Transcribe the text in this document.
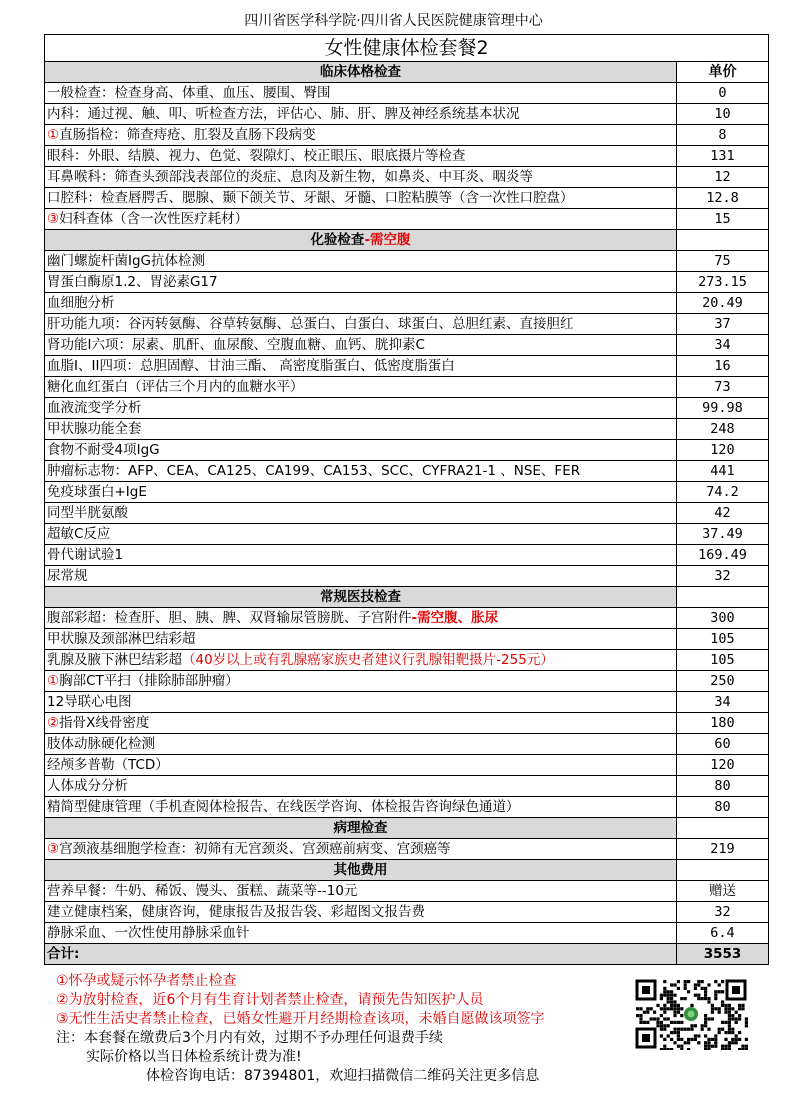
四川省医学科学院·四川省人民医院健康管理中心
女性健康体检套餐2	
临床体格检查	单价
一般检查：检查身高、体重、血压、腰围、臀围	0
内科：通过视、触、叩、听检查方法，评估心、肺、肝、脾及神经系统基本状况	10
①直肠指检：筛查痔疮、肛裂及直肠下段病变	8
眼科：外眼、结膜、视力、色觉、裂隙灯、校正眼压、眼底摄片等检查	131
耳鼻喉科：筛查头颈部浅表部位的炎症、息肉及新生物，如鼻炎、中耳炎、咽炎等	12
口腔科：检查唇腭舌、腮腺、颞下颌关节、牙龈、牙髓、口腔粘膜等（含一次性口腔盘）	12.8
③妇科查体（含一次性医疗耗材）	15
化验检查-需空腹	
幽门螺旋杆菌IgG抗体检测	75
胃蛋白酶原1.2、胃泌素G17	273.15
血细胞分析	20.49
肝功能九项：谷丙转氨酶、谷草转氨酶、总蛋白、白蛋白、球蛋白、总胆红素、直接胆红	37
肾功能I六项：尿素、肌酐、血尿酸、空腹血糖、血钙、胱抑素C	34
血脂I、II四项：总胆固醇、甘油三酯、 高密度脂蛋白、低密度脂蛋白	16
糖化血红蛋白（评估三个月内的血糖水平）	73
血液流变学分析	99.98
甲状腺功能全套	248
食物不耐受4项IgG	120
肿瘤标志物：AFP、CEA、CA125、CA199、CA153、SCC、CYFRA21-1 、NSE、FER	441
免疫球蛋白+IgE	74.2
同型半胱氨酸	42
超敏C反应	37.49
骨代谢试验1	169.49
尿常规	32
常规医技检查	
腹部彩超：检查肝、胆、胰、脾、双肾输尿管膀胱、子宫附件-需空腹、胀尿	300
甲状腺及颈部淋巴结彩超	105
乳腺及腋下淋巴结彩超（40岁以上或有乳腺癌家族史者建议行乳腺钼靶摄片-255元）	105
①胸部CT平扫（排除肺部肿瘤）	250
12导联心电图	34
②指骨X线骨密度	180
肢体动脉硬化检测	60
经颅多普勒（TCD）	120
人体成分分析	80
精简型健康管理（手机查阅体检报告、在线医学咨询、体检报告咨询绿色通道）	80
病理检查	
③宫颈液基细胞学检查：初筛有无宫颈炎、宫颈癌前病变、宫颈癌等	219
其他费用	
营养早餐：牛奶、稀饭、馒头、蛋糕、蔬菜等--10元	赠送
建立健康档案，健康咨询，健康报告及报告袋、彩超图文报告费	32
静脉采血、一次性使用静脉采血针	6.4
合计:	3553
①怀孕或疑示怀孕者禁止检查
②为放射检查，近6个月有生育计划者禁止检查，请预先告知医护人员
③无性生活史者禁止检查，已婚女性避开月经期检查该项，未婚自愿做该项签字
注：本套餐在缴费后3个月内有效，过期不予办理任何退费手续
实际价格以当日体检系统计费为准!
体检咨询电话：87394801，欢迎扫描微信二维码关注更多信息
